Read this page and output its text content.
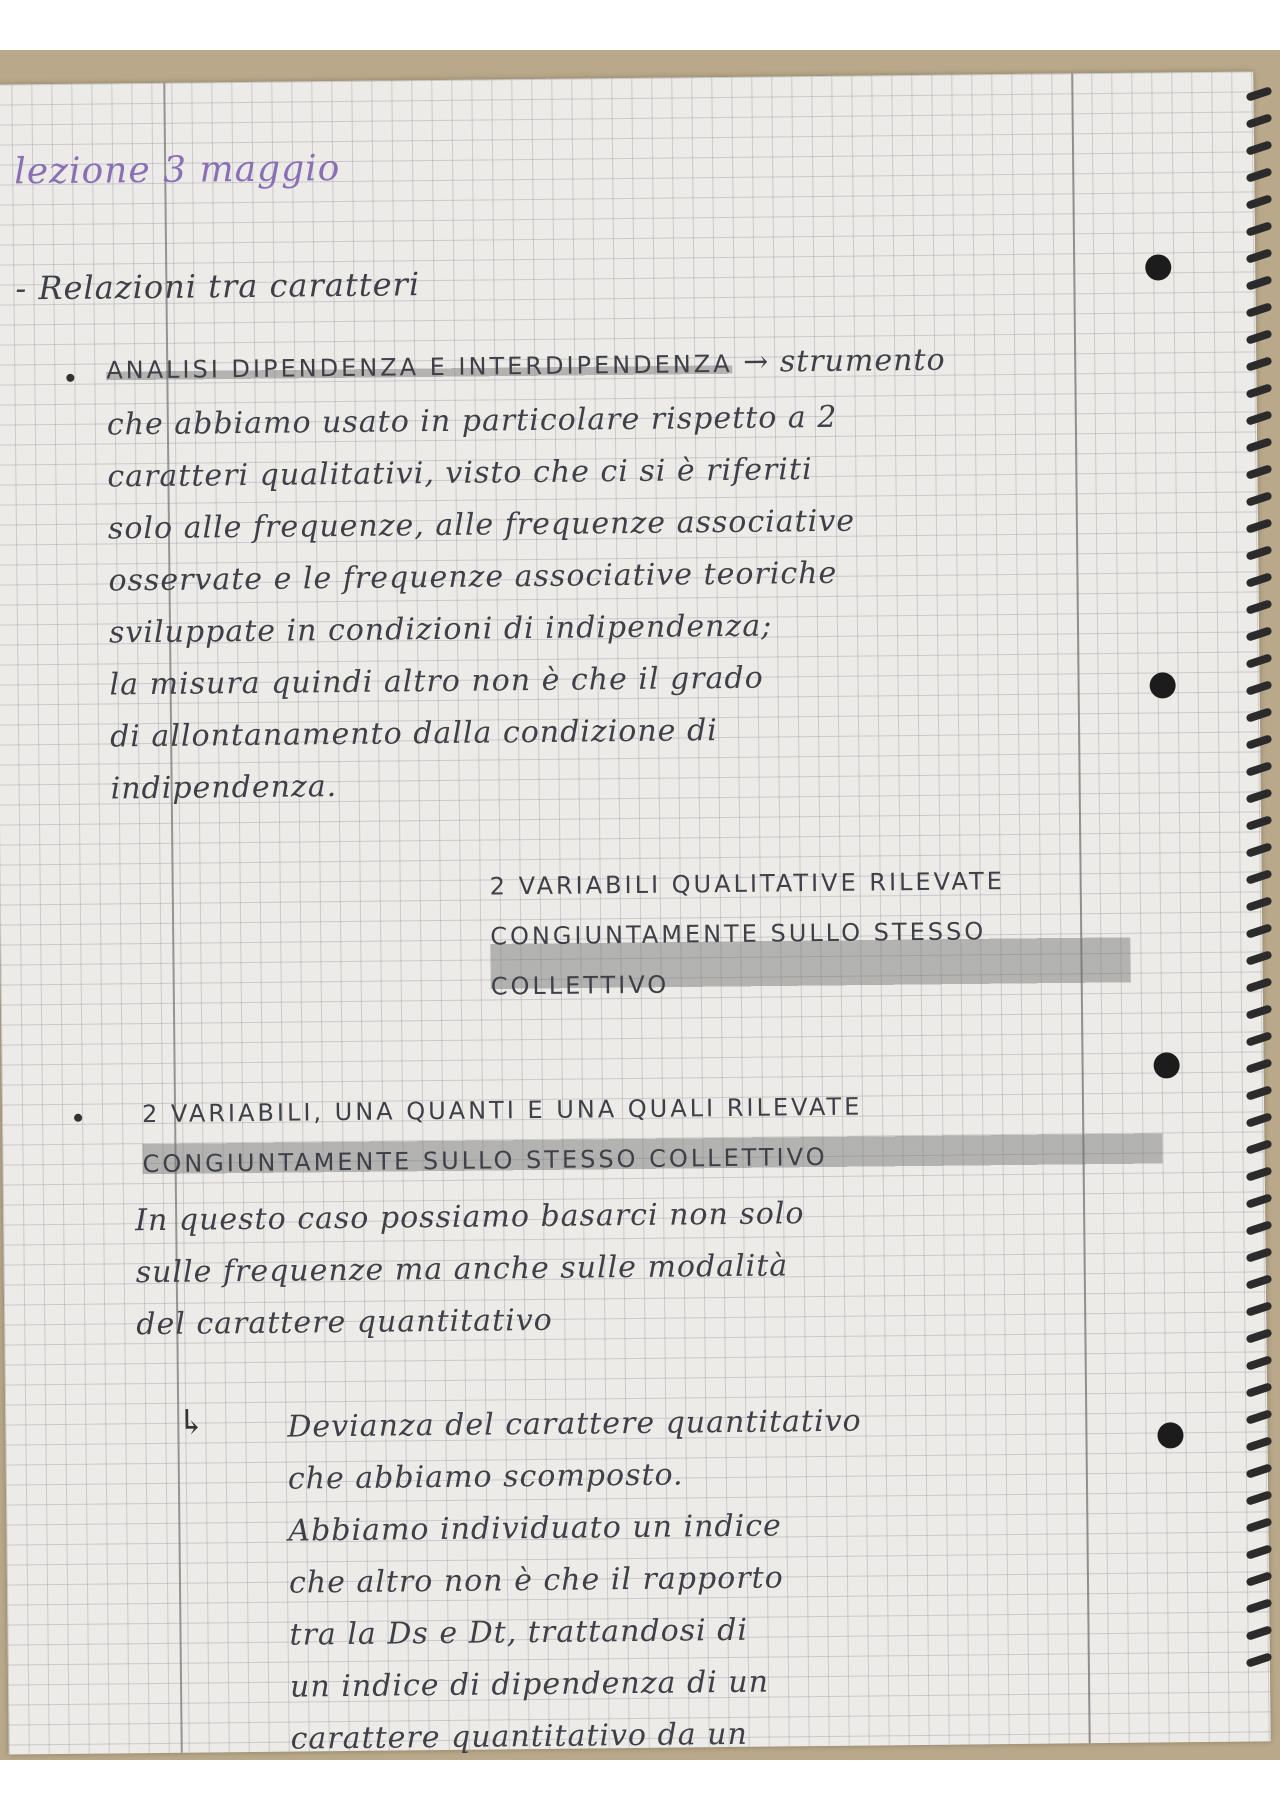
lezione 3 maggio

- Relazioni tra caratteri

ANALISI DIPENDENZA E INTERDIPENDENZA → strumento

che abbiamo usato in particolare rispetto a 2
caratteri qualitativi, visto che ci si è riferiti
solo alle frequenze, alle frequenze associative
osservate e le frequenze associative teoriche
sviluppate in condizioni di indipendenza;
la misura quindi altro non è che il grado
di allontanamento dalla condizione di
indipendenza.

2 VARIABILI QUALITATIVE RILEVATE
CONGIUNTAMENTE SULLO STESSO
COLLETTIVO

2 VARIABILI, UNA QUANTI E UNA QUALI RILEVATE
CONGIUNTAMENTE SULLO STESSO COLLETTIVO

In questo caso possiamo basarci non solo
sulle frequenze ma anche sulle modalità
del carattere quantitativo

↳	Devianza del carattere quantitativo
che abbiamo scomposto.
Abbiamo individuato un indice
che altro non è che il rapporto
tra la Ds e Dt, trattandosi di
un indice di dipendenza di un
carattere quantitativo da un
